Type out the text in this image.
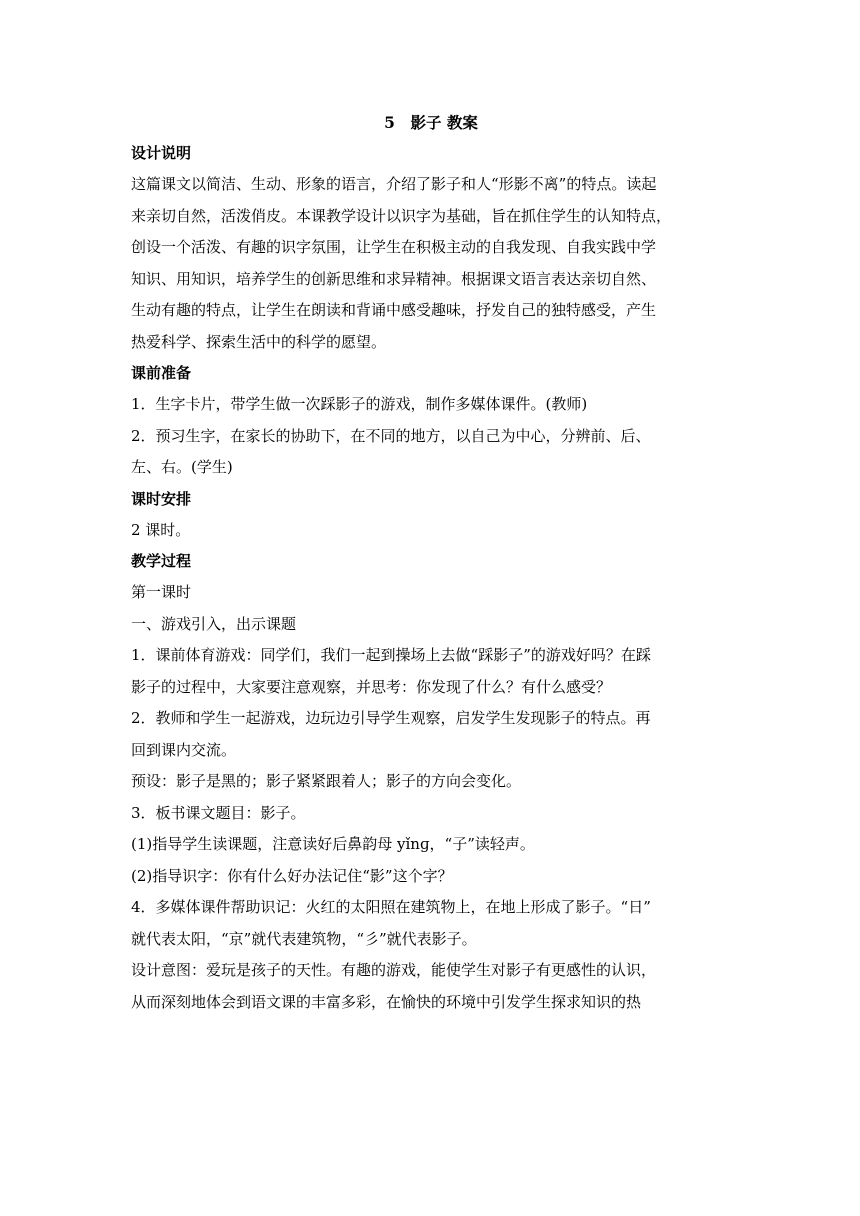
5　影子 教案
设计说明
这篇课文以简洁、生动、形象的语言，介绍了影子和人“形影不离”的特点。读起
来亲切自然，活泼俏皮。本课教学设计以识字为基础，旨在抓住学生的认知特点，
创设一个活泼、有趣的识字氛围，让学生在积极主动的自我发现、自我实践中学
知识、用知识，培养学生的创新思维和求异精神。根据课文语言表达亲切自然、
生动有趣的特点，让学生在朗读和背诵中感受趣味，抒发自己的独特感受，产生
热爱科学、探索生活中的科学的愿望。
课前准备
1．生字卡片，带学生做一次踩影子的游戏，制作多媒体课件。(教师)
2．预习生字，在家长的协助下，在不同的地方，以自己为中心，分辨前、后、
左、右。(学生)
课时安排
2 课时。
教学过程
第一课时
一、游戏引入，出示课题
1．课前体育游戏：同学们，我们一起到操场上去做“踩影子”的游戏好吗？在踩
影子的过程中，大家要注意观察，并思考：你发现了什么？有什么感受？
2．教师和学生一起游戏，边玩边引导学生观察，启发学生发现影子的特点。再
回到课内交流。
预设：影子是黑的；影子紧紧跟着人；影子的方向会变化。
3．板书课文题目：影子。
(1)指导学生读课题，注意读好后鼻韵母 yǐnɡ，“子”读轻声。
(2)指导识字：你有什么好办法记住“影”这个字？
4．多媒体课件帮助识记：火红的太阳照在建筑物上，在地上形成了影子。“日”
就代表太阳，“京”就代表建筑物，“彡”就代表影子。
设计意图：爱玩是孩子的天性。有趣的游戏，能使学生对影子有更感性的认识，
从而深刻地体会到语文课的丰富多彩，在愉快的环境中引发学生探求知识的热
